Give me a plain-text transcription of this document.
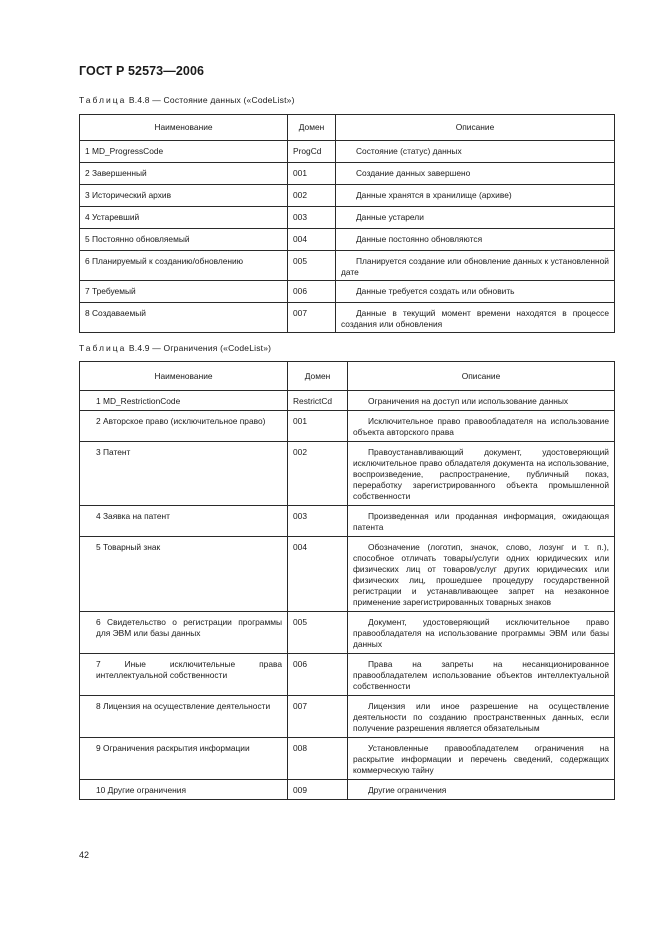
ГОСТ Р 52573—2006
Таблица В.4.8 — Состояние данных («CodeList»)
Наименование	Домен	Описание
1 MD_ProgressCode	ProgCd	Состояние (статус) данных
2 Завершенный	001	Создание данных завершено
3 Исторический архив	002	Данные хранятся в хранилище (архиве)
4 Устаревший	003	Данные устарели
5 Постоянно обновляемый	004	Данные постоянно обновляются
6 Планируемый к созданию/обновлению	005	Планируется создание или обновление данных к установленной дате
7 Требуемый	006	Данные требуется создать или обновить
8 Создаваемый	007	Данные в текущий момент времени находятся в процессе создания или обновления
Таблица В.4.9 — Ограничения («CodeList»)
Наименование	Домен	Описание
1 MD_RestrictionCode	RestrictCd	Ограничения на доступ или использование данных
2 Авторское право (исключительное право)	001	Исключительное право правообладателя на использование объекта авторского права
3 Патент	002	Правоустанавливающий документ, удостоверяющий исключительное право обладателя документа на использование, воспроизведение, распространение, публичный показ, переработку зарегистрированного объекта промышленной собственности
4 Заявка на патент	003	Произведенная или проданная информация, ожидающая патента
5 Товарный знак	004	Обозначение (логотип, значок, слово, лозунг и т. п.), способное отличать товары/услуги одних юридических или физических лиц от товаров/услуг других юридических или физических лиц, прошедшее процедуру государственной регистрации и устанавливающее запрет на незаконное применение зарегистрированных товарных знаков
6 Свидетельство о регистрации программы для ЭВМ или базы данных	005	Документ, удостоверяющий исключительное право правообладателя на использование программы ЭВМ или базы данных
7 Иные исключительные права интеллектуальной собственности	006	Права на запреты на несанкционированное правообладателем использование объектов интеллектуальной собственности
8 Лицензия на осуществление деятельности	007	Лицензия или иное разрешение на осуществление деятельности по созданию пространственных данных, если получение разрешения является обязательным
9 Ограничения раскрытия информации	008	Установленные правообладателем ограничения на раскрытие информации и перечень сведений, содержащих коммерческую тайну
10 Другие ограничения	009	Другие ограничения
42
